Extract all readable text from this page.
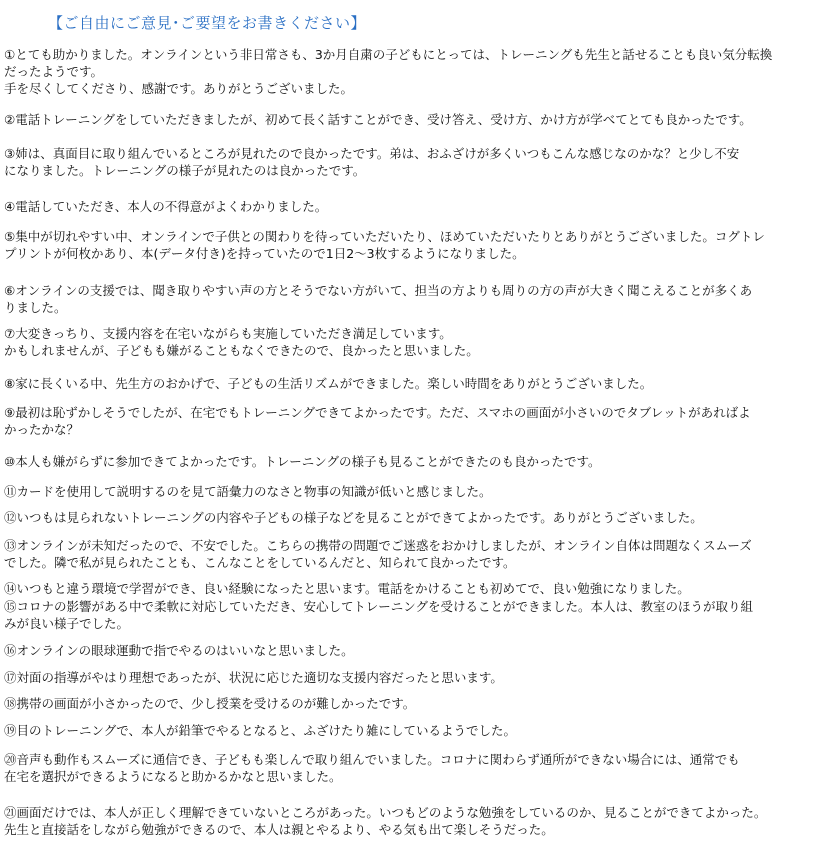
【ご自由にご意見･ご要望をお書きください】

①とても助かりました。オンラインという非日常さも、3か月自粛の子どもにとっては、トレーニングも先生と話せることも良い気分転換

だったようです。

手を尽くしてくださり、感謝です。ありがとうございました。

②電話トレーニングをしていただきましたが、初めて長く話すことができ、受け答え、受け方、かけ方が学べてとても良かったです。

③姉は、真面目に取り組んでいるところが見れたので良かったです。弟は、おふざけが多くいつもこんな感じなのかな？と少し不安

になりました。トレーニングの様子が見れたのは良かったです。

④電話していただき、本人の不得意がよくわかりました。

⑤集中が切れやすい中、オンラインで子供との関わりを待っていただいたり、ほめていただいたりとありがとうございました。コグトレ

プリントが何枚かあり、本(データ付き)を持っていたので1日2～3枚するようになりました。

⑥オンラインの支援では、聞き取りやすい声の方とそうでない方がいて、担当の方よりも周りの方の声が大きく聞こえることが多くあ

りました。

⑦大変きっちり、支援内容を在宅いながらも実施していただき満足しています。

かもしれませんが、子どもも嫌がることもなくできたので、良かったと思いました。

⑧家に長くいる中、先生方のおかげで、子どもの生活リズムができました。楽しい時間をありがとうございました。

⑨最初は恥ずかしそうでしたが、在宅でもトレーニングできてよかったです。ただ、スマホの画面が小さいのでタブレットがあればよ

かったかな？

⑩本人も嫌がらずに参加できてよかったです。トレーニングの様子も見ることができたのも良かったです。

⑪カードを使用して説明するのを見て語彙力のなさと物事の知識が低いと感じました。

⑫いつもは見られないトレーニングの内容や子どもの様子などを見ることができてよかったです。ありがとうございました。

⑬オンラインが未知だったので、不安でした。こちらの携帯の問題でご迷惑をおかけしましたが、オンライン自体は問題なくスムーズ

でした。隣で私が見られたことも、こんなことをしているんだと、知られて良かったです。

⑭いつもと違う環境で学習ができ、良い経験になったと思います。電話をかけることも初めてで、良い勉強になりました。

⑮コロナの影響がある中で柔軟に対応していただき、安心してトレーニングを受けることができました。本人は、教室のほうが取り組

みが良い様子でした。

⑯オンラインの眼球運動で指でやるのはいいなと思いました。

⑰対面の指導がやはり理想であったが、状況に応じた適切な支援内容だったと思います。

⑱携帯の画面が小さかったので、少し授業を受けるのが難しかったです。

⑲目のトレーニングで、本人が鉛筆でやるとなると、ふざけたり雑にしているようでした。

⑳音声も動作もスムーズに通信でき、子どもも楽しんで取り組んでいました。コロナに関わらず通所ができない場合には、通常でも

在宅を選択ができるようになると助かるかなと思いました。

㉑画面だけでは、本人が正しく理解できていないところがあった。いつもどのような勉強をしているのか、見ることができてよかった。

先生と直接話をしながら勉強ができるので、本人は親とやるより、やる気も出て楽しそうだった。
